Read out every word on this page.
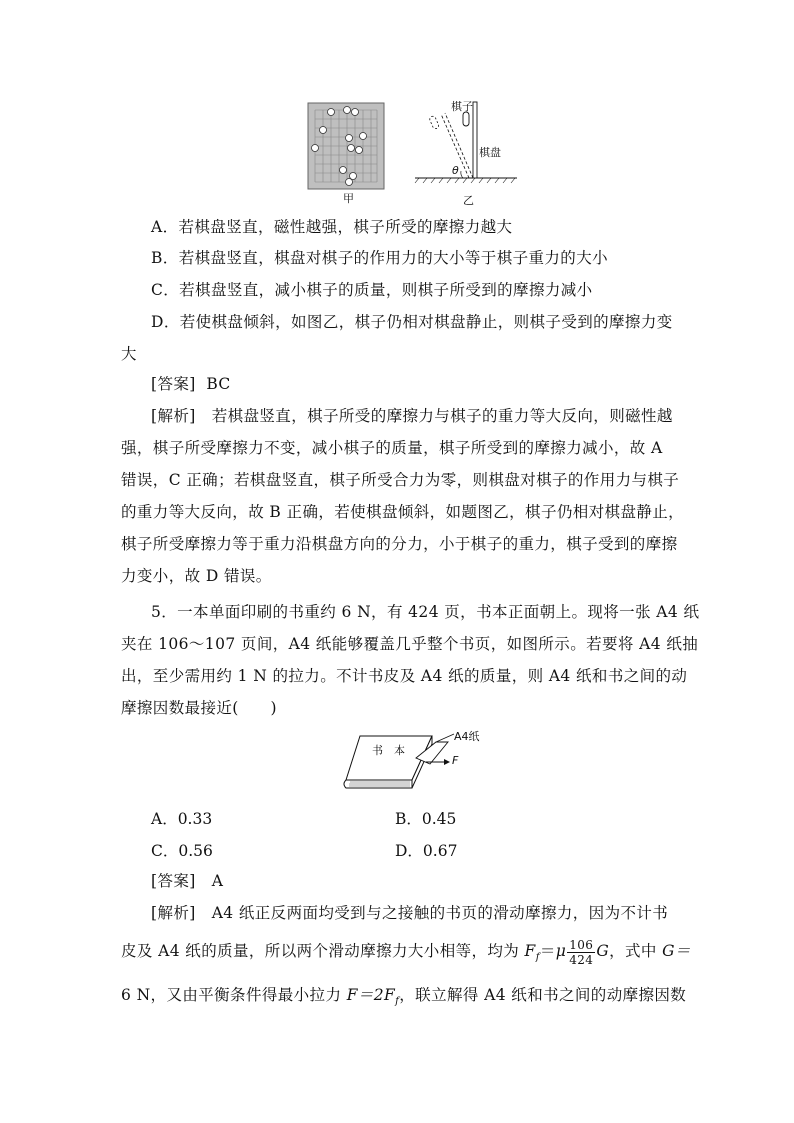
甲	乙
棋子
棋盘
θ
A．若棋盘竖直，磁性越强，棋子所受的摩擦力越大
B．若棋盘竖直，棋盘对棋子的作用力的大小等于棋子重力的大小
C．若棋盘竖直，减小棋子的质量，则棋子所受到的摩擦力减小
D．若使棋盘倾斜，如图乙，棋子仍相对棋盘静止，则棋子受到的摩擦力变
大
[答案] BC
[解析] 若棋盘竖直，棋子所受的摩擦力与棋子的重力等大反向，则磁性越
强，棋子所受摩擦力不变，减小棋子的质量，棋子所受到的摩擦力减小，故 A
错误，C 正确；若棋盘竖直，棋子所受合力为零，则棋盘对棋子的作用力与棋子
的重力等大反向，故 B 正确，若使棋盘倾斜，如题图乙，棋子仍相对棋盘静止，
棋子所受摩擦力等于重力沿棋盘方向的分力，小于棋子的重力，棋子受到的摩擦
力变小，故 D 错误。
5．一本单面印刷的书重约 6 N，有 424 页，书本正面朝上。现将一张 A4 纸
夹在 106～107 页间，A4 纸能够覆盖几乎整个书页，如图所示。若要将 A4 纸抽
出，至少需用约 1 N 的拉力。不计书皮及 A4 纸的质量，则 A4 纸和书之间的动
摩擦因数最接近(　　)
书　本
A4纸
F
A．0.33	B．0.45
C．0.56	D．0.67
[答案] A
[解析] A4 纸正反两面均受到与之接触的书页的滑动摩擦力，因为不计书
皮及 A4 纸的质量，所以两个滑动摩擦力大小相等，均为 $F_f=\mu \frac{106}{424}$ G，式中 G＝
6 N，又由平衡条件得最小拉力 $F=2F_f$，联立解得 A4 纸和书之间的动摩擦因数
